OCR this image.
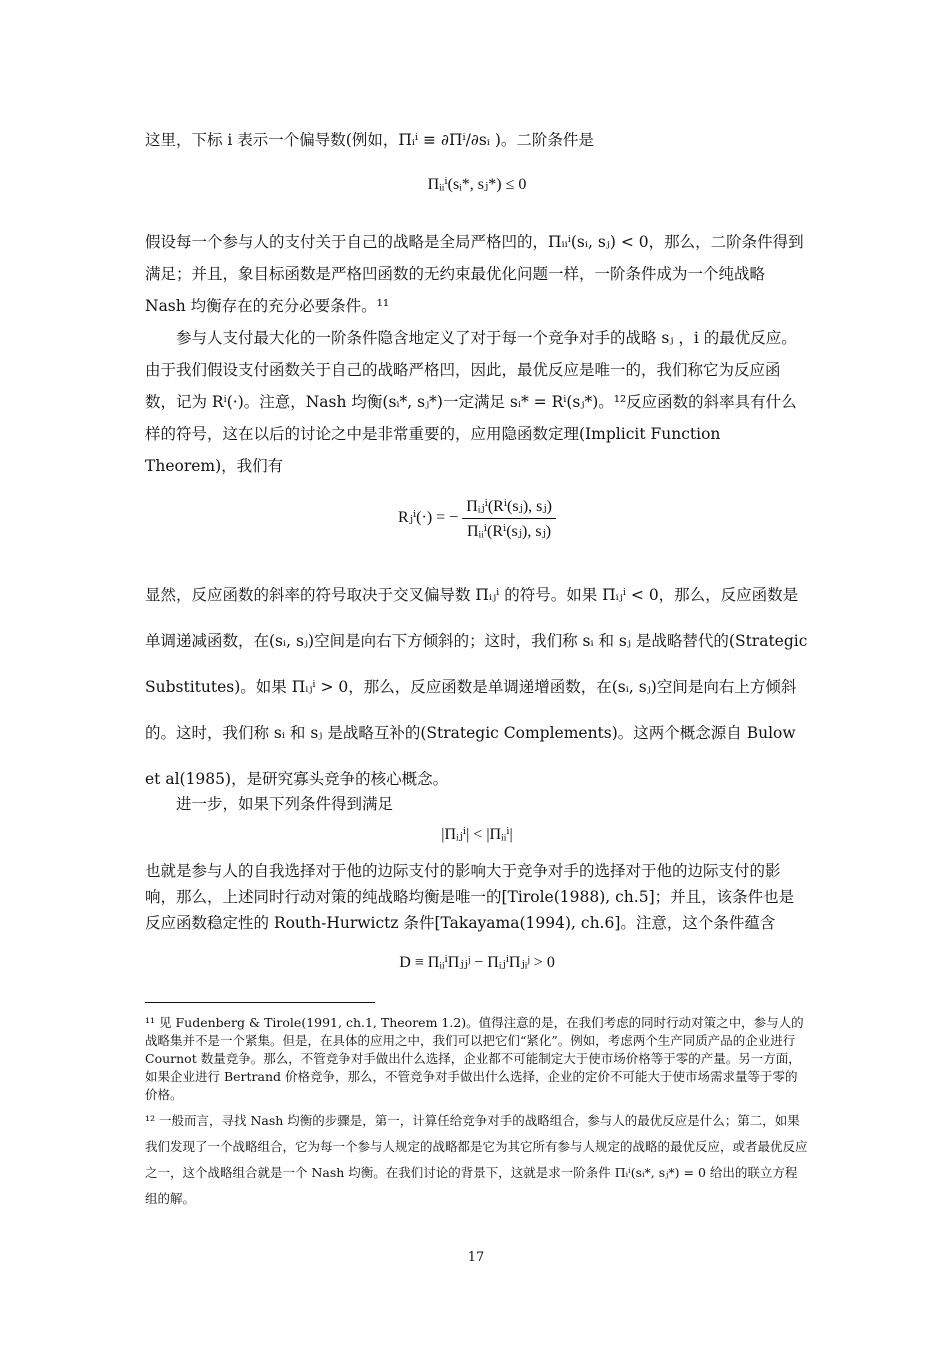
这里，下标 i 表示一个偏导数(例如，Πᵢⁱ ≡ ∂Πⁱ/∂sᵢ )。二阶条件是

Πᵢᵢⁱ(sᵢ*, sⱼ*) ≤ 0

假设每一个参与人的支付关于自己的战略是全局严格凹的，Πᵢᵢⁱ(sᵢ, sⱼ) < 0，那么，二阶条件得到满足；并且，象目标函数是严格凹函数的无约束最优化问题一样，一阶条件成为一个纯战略 Nash 均衡存在的充分必要条件。¹¹

参与人支付最大化的一阶条件隐含地定义了对于每一个竞争对手的战略 sⱼ ，i 的最优反应。由于我们假设支付函数关于自己的战略严格凹，因此，最优反应是唯一的，我们称它为反应函数，记为 Rⁱ(·)。注意，Nash 均衡(sᵢ*, sⱼ*)一定满足 sᵢ* = Rⁱ(sⱼ*)。¹²反应函数的斜率具有什么样的符号，这在以后的讨论之中是非常重要的，应用隐函数定理(Implicit Function Theorem)，我们有

Rⱼⁱ(·) = − $\frac{\text{Πᵢⱼⁱ(Rⁱ(sⱼ), sⱼ)}}{\text{Πᵢᵢⁱ(Rⁱ(sⱼ), sⱼ)}}$

显然，反应函数的斜率的符号取决于交叉偏导数 Πᵢⱼⁱ 的符号。如果 Πᵢⱼⁱ < 0，那么，反应函数是单调递减函数，在(sᵢ, sⱼ)空间是向右下方倾斜的；这时，我们称 sᵢ 和 sⱼ 是战略替代的(Strategic Substitutes)。如果 Πᵢⱼⁱ > 0，那么，反应函数是单调递增函数，在(sᵢ, sⱼ)空间是向右上方倾斜的。这时，我们称 sᵢ 和 sⱼ 是战略互补的(Strategic Complements)。这两个概念源自 Bulow et al(1985)，是研究寡头竞争的核心概念。

进一步，如果下列条件得到满足

|Πᵢⱼⁱ| < |Πᵢᵢⁱ|

也就是参与人的自我选择对于他的边际支付的影响大于竞争对手的选择对于他的边际支付的影响，那么，上述同时行动对策的纯战略均衡是唯一的[Tirole(1988), ch.5]；并且，该条件也是反应函数稳定性的 Routh-Hurwictz 条件[Takayama(1994), ch.6]。注意，这个条件蕴含

D ≡ ΠᵢᵢⁱΠⱼⱼʲ − ΠᵢⱼⁱΠⱼᵢʲ > 0

¹¹ 见 Fudenberg & Tirole(1991, ch.1, Theorem 1.2)。值得注意的是，在我们考虑的同时行动对策之中，参与人的战略集并不是一个紧集。但是，在具体的应用之中，我们可以把它们“紧化”。例如，考虑两个生产同质产品的企业进行 Cournot 数量竞争。那么，不管竞争对手做出什么选择，企业都不可能制定大于使市场价格等于零的产量。另一方面，如果企业进行 Bertrand 价格竞争，那么，不管竞争对手做出什么选择，企业的定价不可能大于使市场需求量等于零的价格。

¹² 一般而言，寻找 Nash 均衡的步骤是，第一，计算任给竞争对手的战略组合，参与人的最优反应是什么；第二，如果我们发现了一个战略组合，它为每一个参与人规定的战略都是它为其它所有参与人规定的战略的最优反应，或者最优反应之一，这个战略组合就是一个 Nash 均衡。在我们讨论的背景下，这就是求一阶条件 Πᵢⁱ(sᵢ*, sⱼ*) = 0 给出的联立方程组的解。

17
